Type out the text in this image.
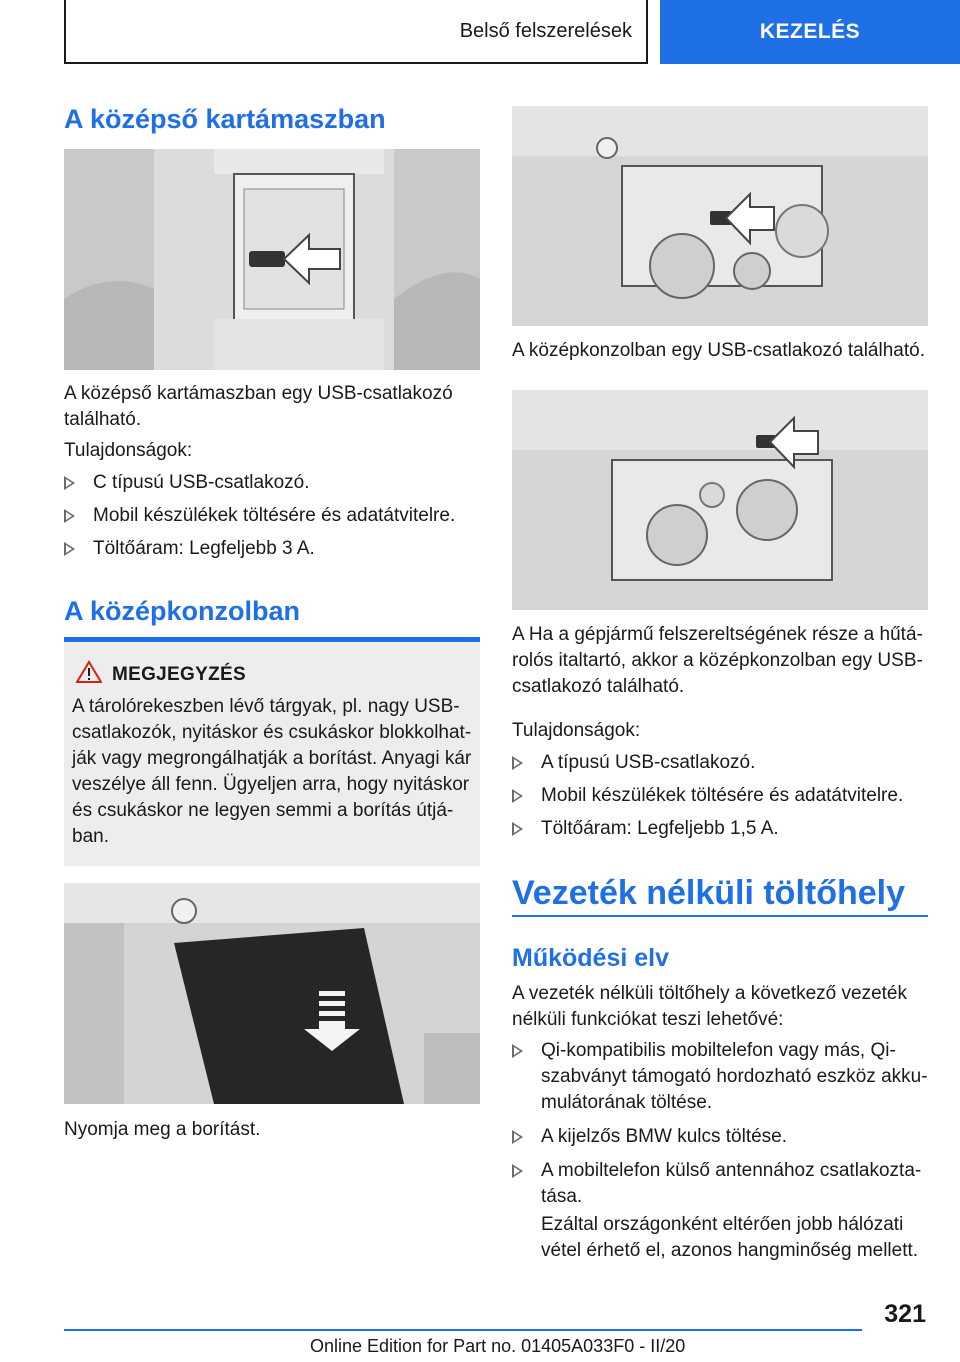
Belső felszerelések	KEZELÉS
A középső kartámaszban

A középső kartámaszban egy USB-csatlakozó található.

Tulajdonságok:

C típusú USB-csatlakozó.
Mobil készülékek töltésére és adatátvitelre.
Töltőáram: Legfeljebb 3 A.
A középkonzolban
MEGJEGYZÉS

A tárolórekeszben lévő tárgyak, pl. nagy USB-csatlakozók, nyitáskor és csukáskor blokkolhat-ják vagy megrongálhatják a borítást. Anyagi kár veszélye áll fenn. Ügyeljen arra, hogy nyitáskor és csukáskor ne legyen semmi a borítás útjá-ban.

Nyomja meg a borítást.

A középkonzolban egy USB-csatlakozó található.

A Ha a gépjármű felszereltségének része a hűtá-rolós italtartó, akkor a középkonzolban egy USB-csatlakozó található.

Tulajdonságok:

A típusú USB-csatlakozó.
Mobil készülékek töltésére és adatátvitelre.
Töltőáram: Legfeljebb 1,5 A.
Vezeték nélküli töltőhely
Működési elv

A vezeték nélküli töltőhely a következő vezeték nélküli funkciókat teszi lehetővé:

Qi-kompatibilis mobiltelefon vagy más, Qi-szabványt támogató hordozható eszköz akku-mulátorának töltése.
A kijelzős BMW kulcs töltése.
A mobiltelefon külső antennához csatlakozta-tása.

Ezáltal országonként eltérően jobb hálózati vétel érhető el, azonos hangminőség mellett.

321
Online Edition for Part no. 01405A033F0 - II/20
